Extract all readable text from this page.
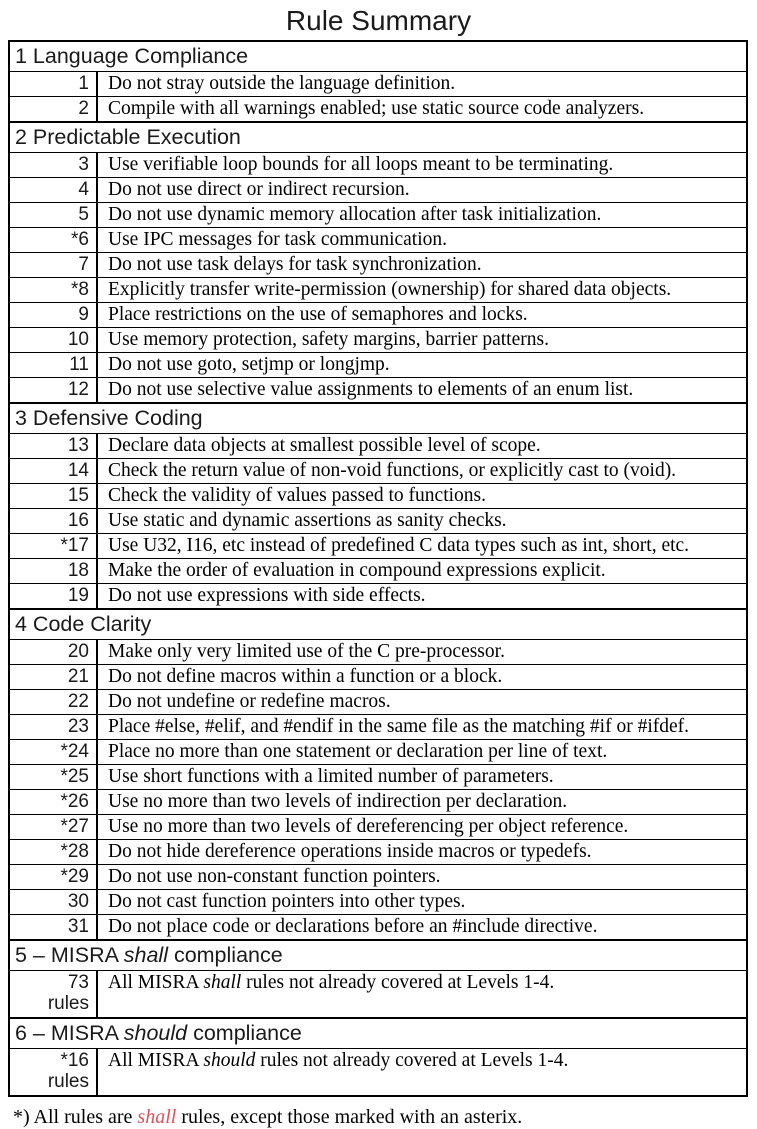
Rule Summary
1 Language Compliance
1 Do not stray outside the language definition.
2 Compile with all warnings enabled; use static source code analyzers.
2 Predictable Execution
3 Use verifiable loop bounds for all loops meant to be terminating.
4 Do not use direct or indirect recursion.
5 Do not use dynamic memory allocation after task initialization.
*6 Use IPC messages for task communication.
7 Do not use task delays for task synchronization.
*8 Explicitly transfer write-permission (ownership) for shared data objects.
9 Place restrictions on the use of semaphores and locks.
10 Use memory protection, safety margins, barrier patterns.
11 Do not use goto, setjmp or longjmp.
12 Do not use selective value assignments to elements of an enum list.
3 Defensive Coding
13 Declare data objects at smallest possible level of scope.
14 Check the return value of non-void functions, or explicitly cast to (void).
15 Check the validity of values passed to functions.
16 Use static and dynamic assertions as sanity checks.
*17 Use U32, I16, etc instead of predefined C data types such as int, short, etc.
18 Make the order of evaluation in compound expressions explicit.
19 Do not use expressions with side effects.
4 Code Clarity
20 Make only very limited use of the C pre-processor.
21 Do not define macros within a function or a block.
22 Do not undefine or redefine macros.
23 Place #else, #elif, and #endif in the same file as the matching #if or #ifdef.
*24 Place no more than one statement or declaration per line of text.
*25 Use short functions with a limited number of parameters.
*26 Use no more than two levels of indirection per declaration.
*27 Use no more than two levels of dereferencing per object reference.
*28 Do not hide dereference operations inside macros or typedefs.
*29 Do not use non-constant function pointers.
30 Do not cast function pointers into other types.
31 Do not place code or declarations before an #include directive.
5 – MISRA shall compliance
73
rules
All MISRA shall rules not already covered at Levels 1-4.
6 – MISRA should compliance
*16
rules
All MISRA should rules not already covered at Levels 1-4.
*) All rules are shall rules, except those marked with an asterix.
